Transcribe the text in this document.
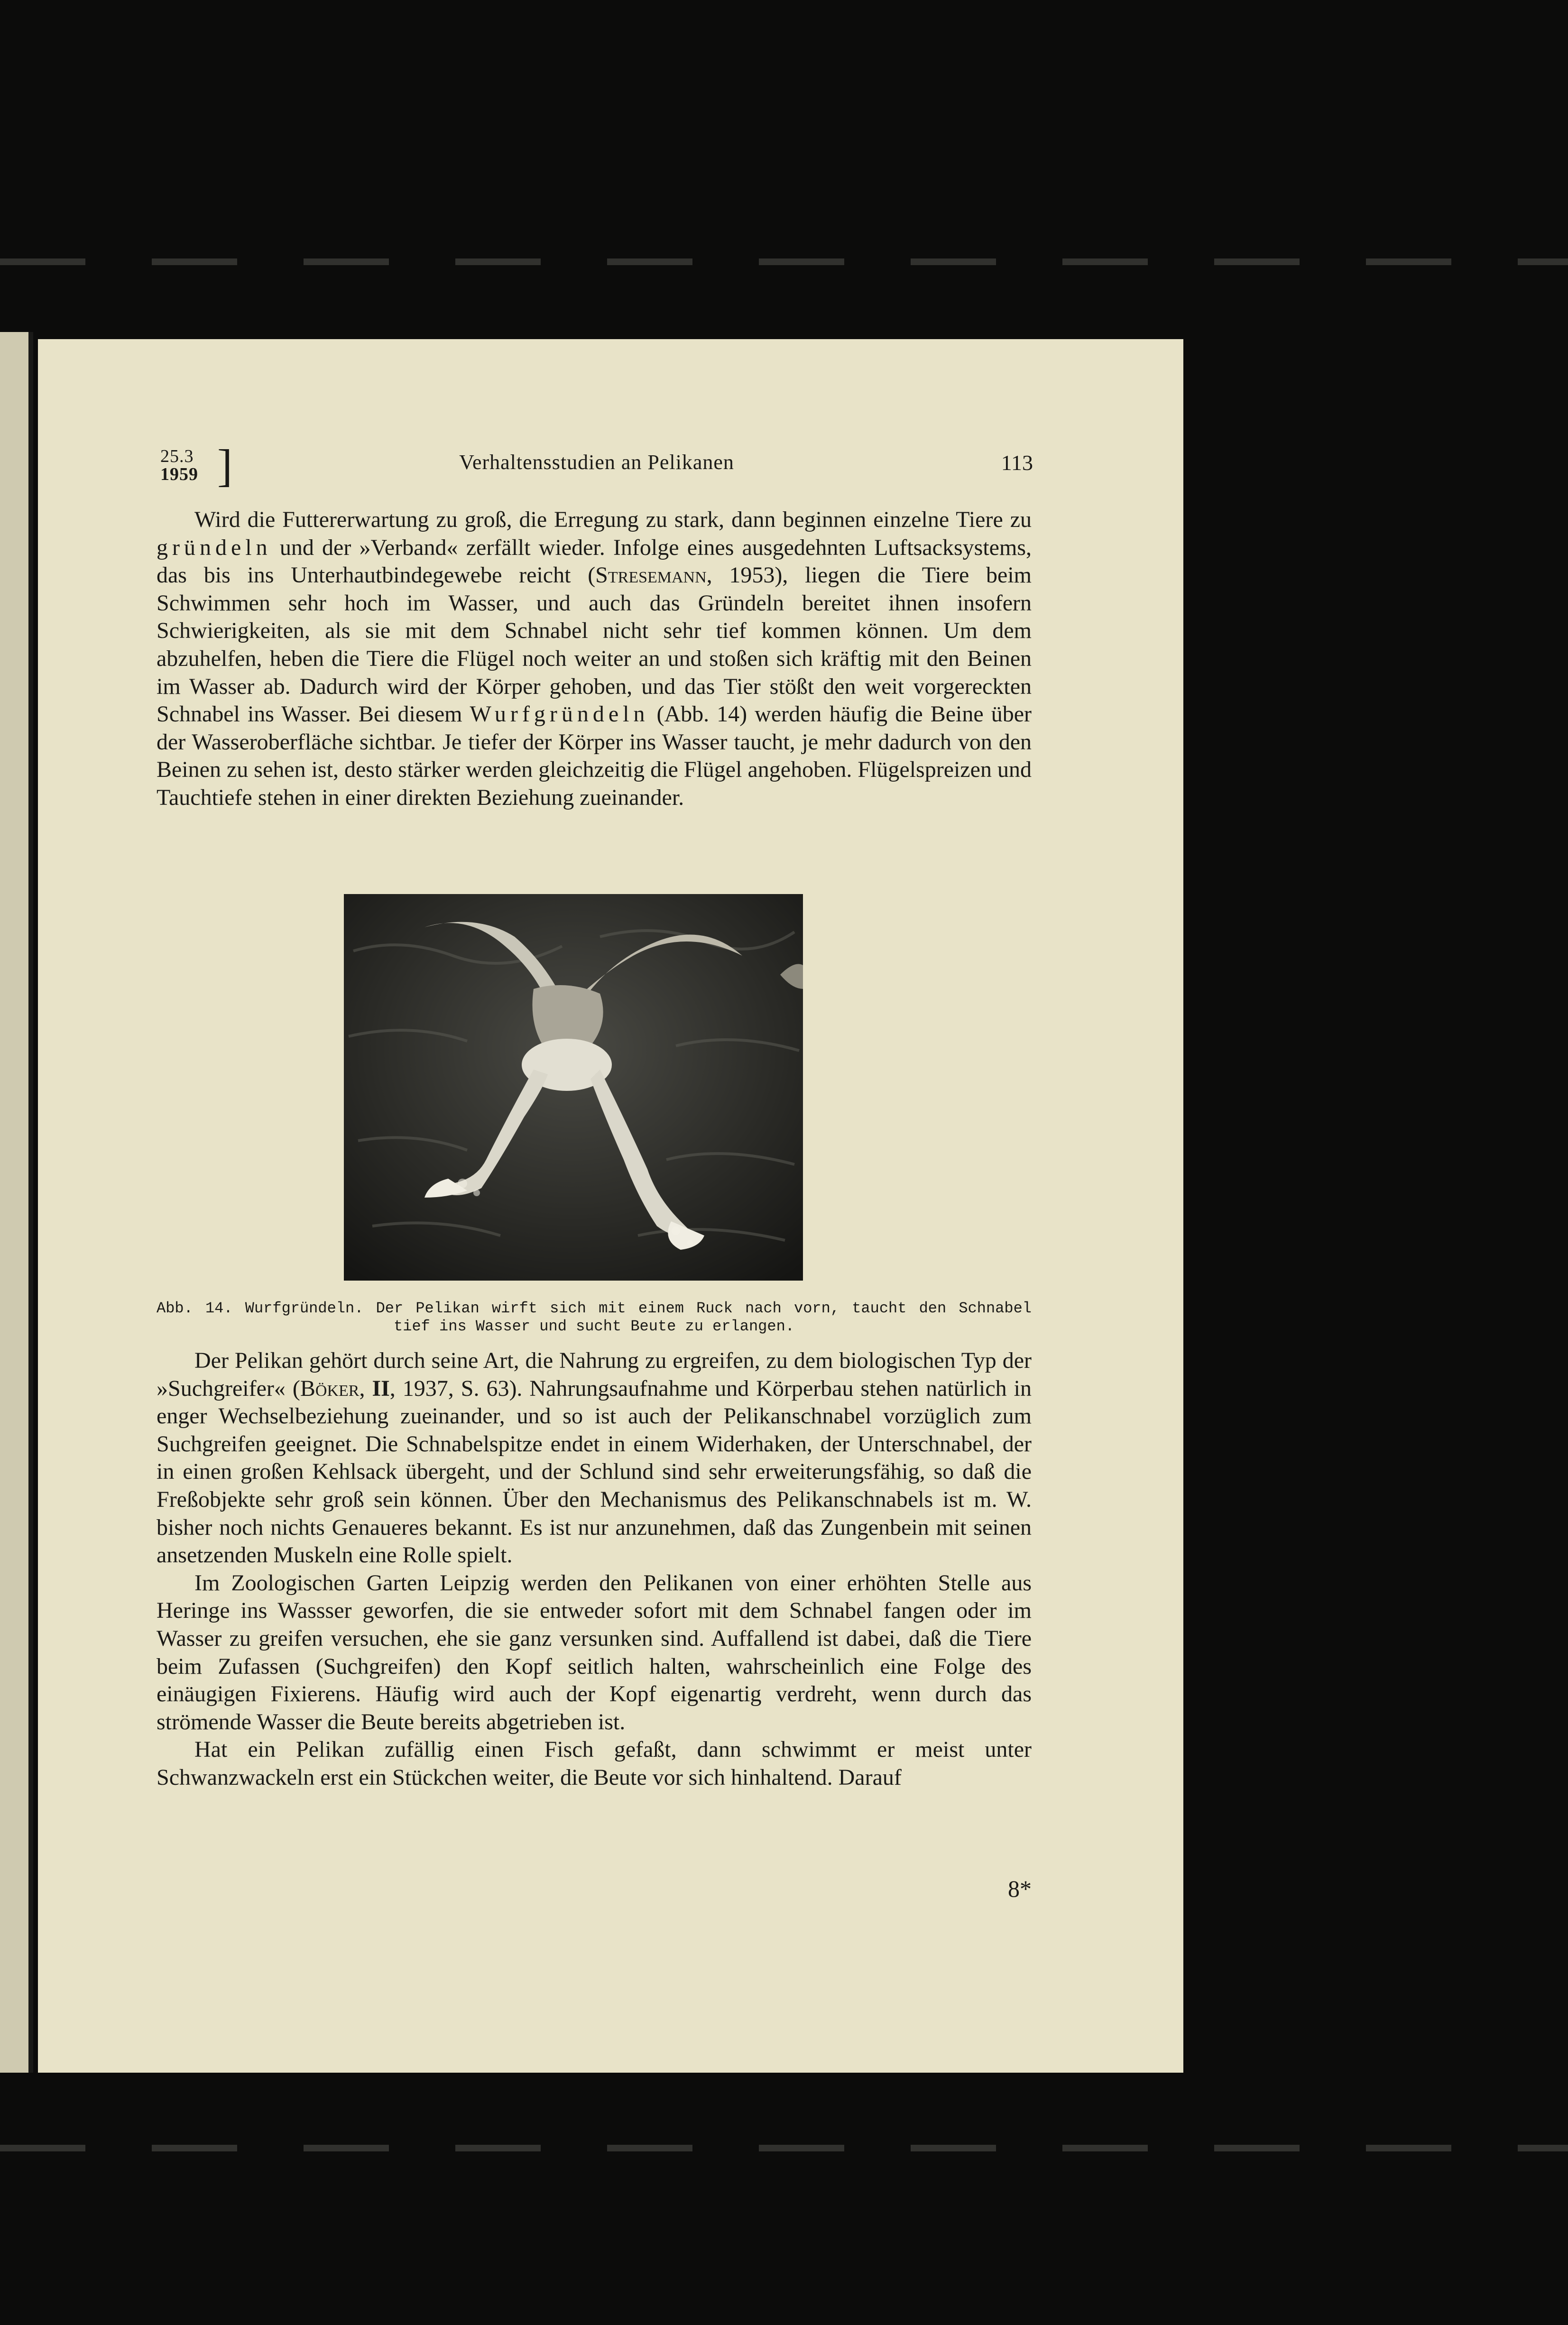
25.3
1959 ]	Verhaltensstudien an Pelikanen	113

Wird die Futtererwartung zu groß, die Erregung zu stark, dann beginnen einzelne Tiere zu gründeln und der »Verband« zerfällt wieder. Infolge eines ausgedehnten Luftsacksystems, das bis ins Unterhautbindegewebe reicht (Stresemann, 1953), liegen die Tiere beim Schwimmen sehr hoch im Wasser, und auch das Gründeln bereitet ihnen insofern Schwierigkeiten, als sie mit dem Schnabel nicht sehr tief kommen können. Um dem abzuhelfen, heben die Tiere die Flügel noch weiter an und stoßen sich kräftig mit den Beinen im Wasser ab. Dadurch wird der Körper gehoben, und das Tier stößt den weit vorgereckten Schnabel ins Wasser. Bei diesem Wurfgründeln (Abb. 14) werden häufig die Beine über der Wasseroberfläche sichtbar. Je tiefer der Körper ins Wasser taucht, je mehr dadurch von den Beinen zu sehen ist, desto stärker werden gleichzeitig die Flügel angehoben. Flügelspreizen und Tauchtiefe stehen in einer direkten Beziehung zueinander.

Abb. 14. Wurfgründeln. Der Pelikan wirft sich mit einem Ruck nach vorn, taucht den Schnabel
tief ins Wasser und sucht Beute zu erlangen.

Der Pelikan gehört durch seine Art, die Nahrung zu ergreifen, zu dem biologischen Typ der »Suchgreifer« (Böker, II, 1937, S. 63). Nahrungsaufnahme und Körperbau stehen natürlich in enger Wechselbeziehung zueinander, und so ist auch der Pelikanschnabel vorzüglich zum Suchgreifen geeignet. Die Schnabelspitze endet in einem Widerhaken, der Unterschnabel, der in einen großen Kehlsack übergeht, und der Schlund sind sehr erweiterungsfähig, so daß die Freßobjekte sehr groß sein können. Über den Mechanismus des Pelikanschnabels ist m. W. bisher noch nichts Genaueres bekannt. Es ist nur anzunehmen, daß das Zungenbein mit seinen ansetzenden Muskeln eine Rolle spielt.

Im Zoologischen Garten Leipzig werden den Pelikanen von einer erhöhten Stelle aus Heringe ins Wassser geworfen, die sie entweder sofort mit dem Schnabel fangen oder im Wasser zu greifen versuchen, ehe sie ganz versunken sind. Auffallend ist dabei, daß die Tiere beim Zufassen (Suchgreifen) den Kopf seitlich halten, wahrscheinlich eine Folge des einäugigen Fixierens. Häufig wird auch der Kopf eigenartig verdreht, wenn durch das strömende Wasser die Beute bereits abgetrieben ist.

Hat ein Pelikan zufällig einen Fisch gefaßt, dann schwimmt er meist unter Schwanzwackeln erst ein Stückchen weiter, die Beute vor sich hinhaltend. Darauf

8*
